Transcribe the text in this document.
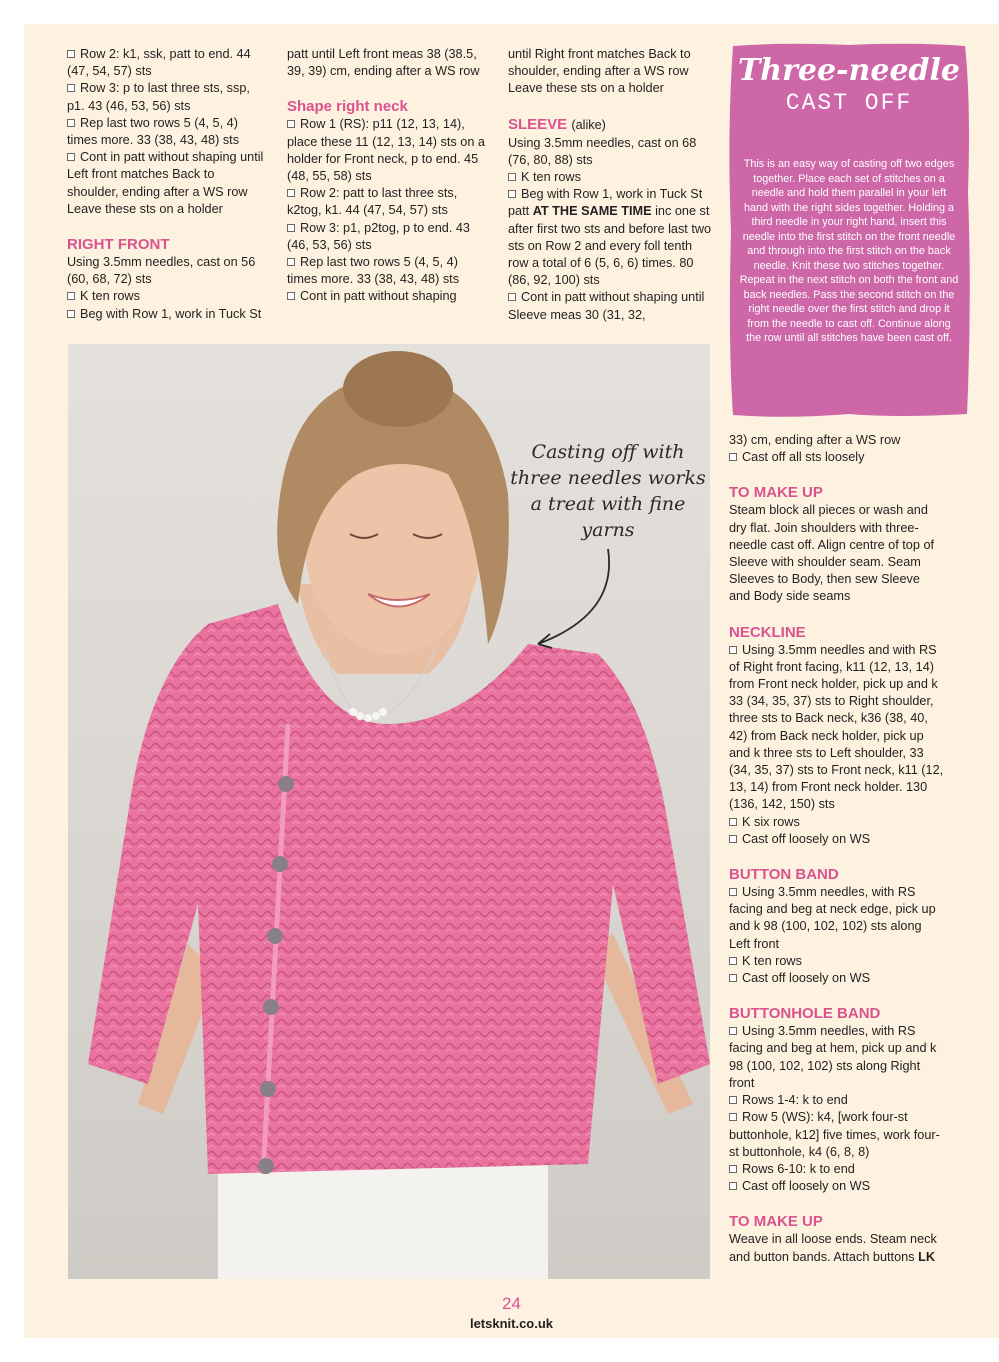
Row 2: k1, ssk, patt to end. 44 (47, 54, 57) sts

Row 3: p to last three sts, ssp, p1. 43 (46, 53, 56) sts

Rep last two rows 5 (4, 5, 4) times more. 33 (38, 43, 48) sts

Cont in patt without shaping until Left front matches Back to shoulder, ending after a WS row

Leave these sts on a holder

RIGHT FRONT

Using 3.5mm needles, cast on 56 (60, 68, 72) sts

K ten rows

Beg with Row 1, work in Tuck St

patt until Left front meas 38 (38.5, 39, 39) cm, ending after a WS row

Shape right neck

Row 1 (RS): p11 (12, 13, 14), place these 11 (12, 13, 14) sts on a holder for Front neck, p to end. 45 (48, 55, 58) sts

Row 2: patt to last three sts, k2tog, k1. 44 (47, 54, 57) sts

Row 3: p1, p2tog, p to end. 43 (46, 53, 56) sts

Rep last two rows 5 (4, 5, 4) times more. 33 (38, 43, 48) sts

Cont in patt without shaping

until Right front matches Back to shoulder, ending after a WS row

Leave these sts on a holder

SLEEVE (alike)

Using 3.5mm needles, cast on 68 (76, 80, 88) sts

K ten rows

Beg with Row 1, work in Tuck St patt AT THE SAME TIME inc one st after first two sts and before last two sts on Row 2 and every foll tenth row a total of 6 (5, 6, 6) times. 80 (86, 92, 100) sts

Cont in patt without shaping until Sleeve meas 30 (31, 32,

Three-needle
CAST OFF
This is an easy way of casting off two edges together. Place each set of stitches on a needle and hold them parallel in your left hand with the right sides together. Holding a third needle in your right hand, insert this needle into the first stitch on the front needle and through into the first stitch on the back needle. Knit these two stitches together. Repeat in the next stitch on both the front and back needles. Pass the second stitch on the right needle over the first stitch and drop it from the needle to cast off. Continue along the row until all stitches have been cast off.
Casting off with three needles works a treat with fine yarns

33) cm, ending after a WS row

Cast off all sts loosely

TO MAKE UP

Steam block all pieces or wash and dry flat. Join shoulders with three-needle cast off. Align centre of top of Sleeve with shoulder seam. Seam Sleeves to Body, then sew Sleeve and Body side seams

NECKLINE

Using 3.5mm needles and with RS of Right front facing, k11 (12, 13, 14) from Front neck holder, pick up and k 33 (34, 35, 37) sts to Right shoulder, three sts to Back neck, k36 (38, 40, 42) from Back neck holder, pick up and k three sts to Left shoulder, 33 (34, 35, 37) sts to Front neck, k11 (12, 13, 14) from Front neck holder. 130 (136, 142, 150) sts

K six rows

Cast off loosely on WS

BUTTON BAND

Using 3.5mm needles, with RS facing and beg at neck edge, pick up and k 98 (100, 102, 102) sts along Left front

K ten rows

Cast off loosely on WS

BUTTONHOLE BAND

Using 3.5mm needles, with RS facing and beg at hem, pick up and k 98 (100, 102, 102) sts along Right front

Rows 1-4: k to end

Row 5 (WS): k4, [work four-st buttonhole, k12] five times, work four-st buttonhole, k4 (6, 8, 8)

Rows 6-10: k to end

Cast off loosely on WS

TO MAKE UP

Weave in all loose ends. Steam neck and button bands. Attach buttons LK

24
letsknit.co.uk
